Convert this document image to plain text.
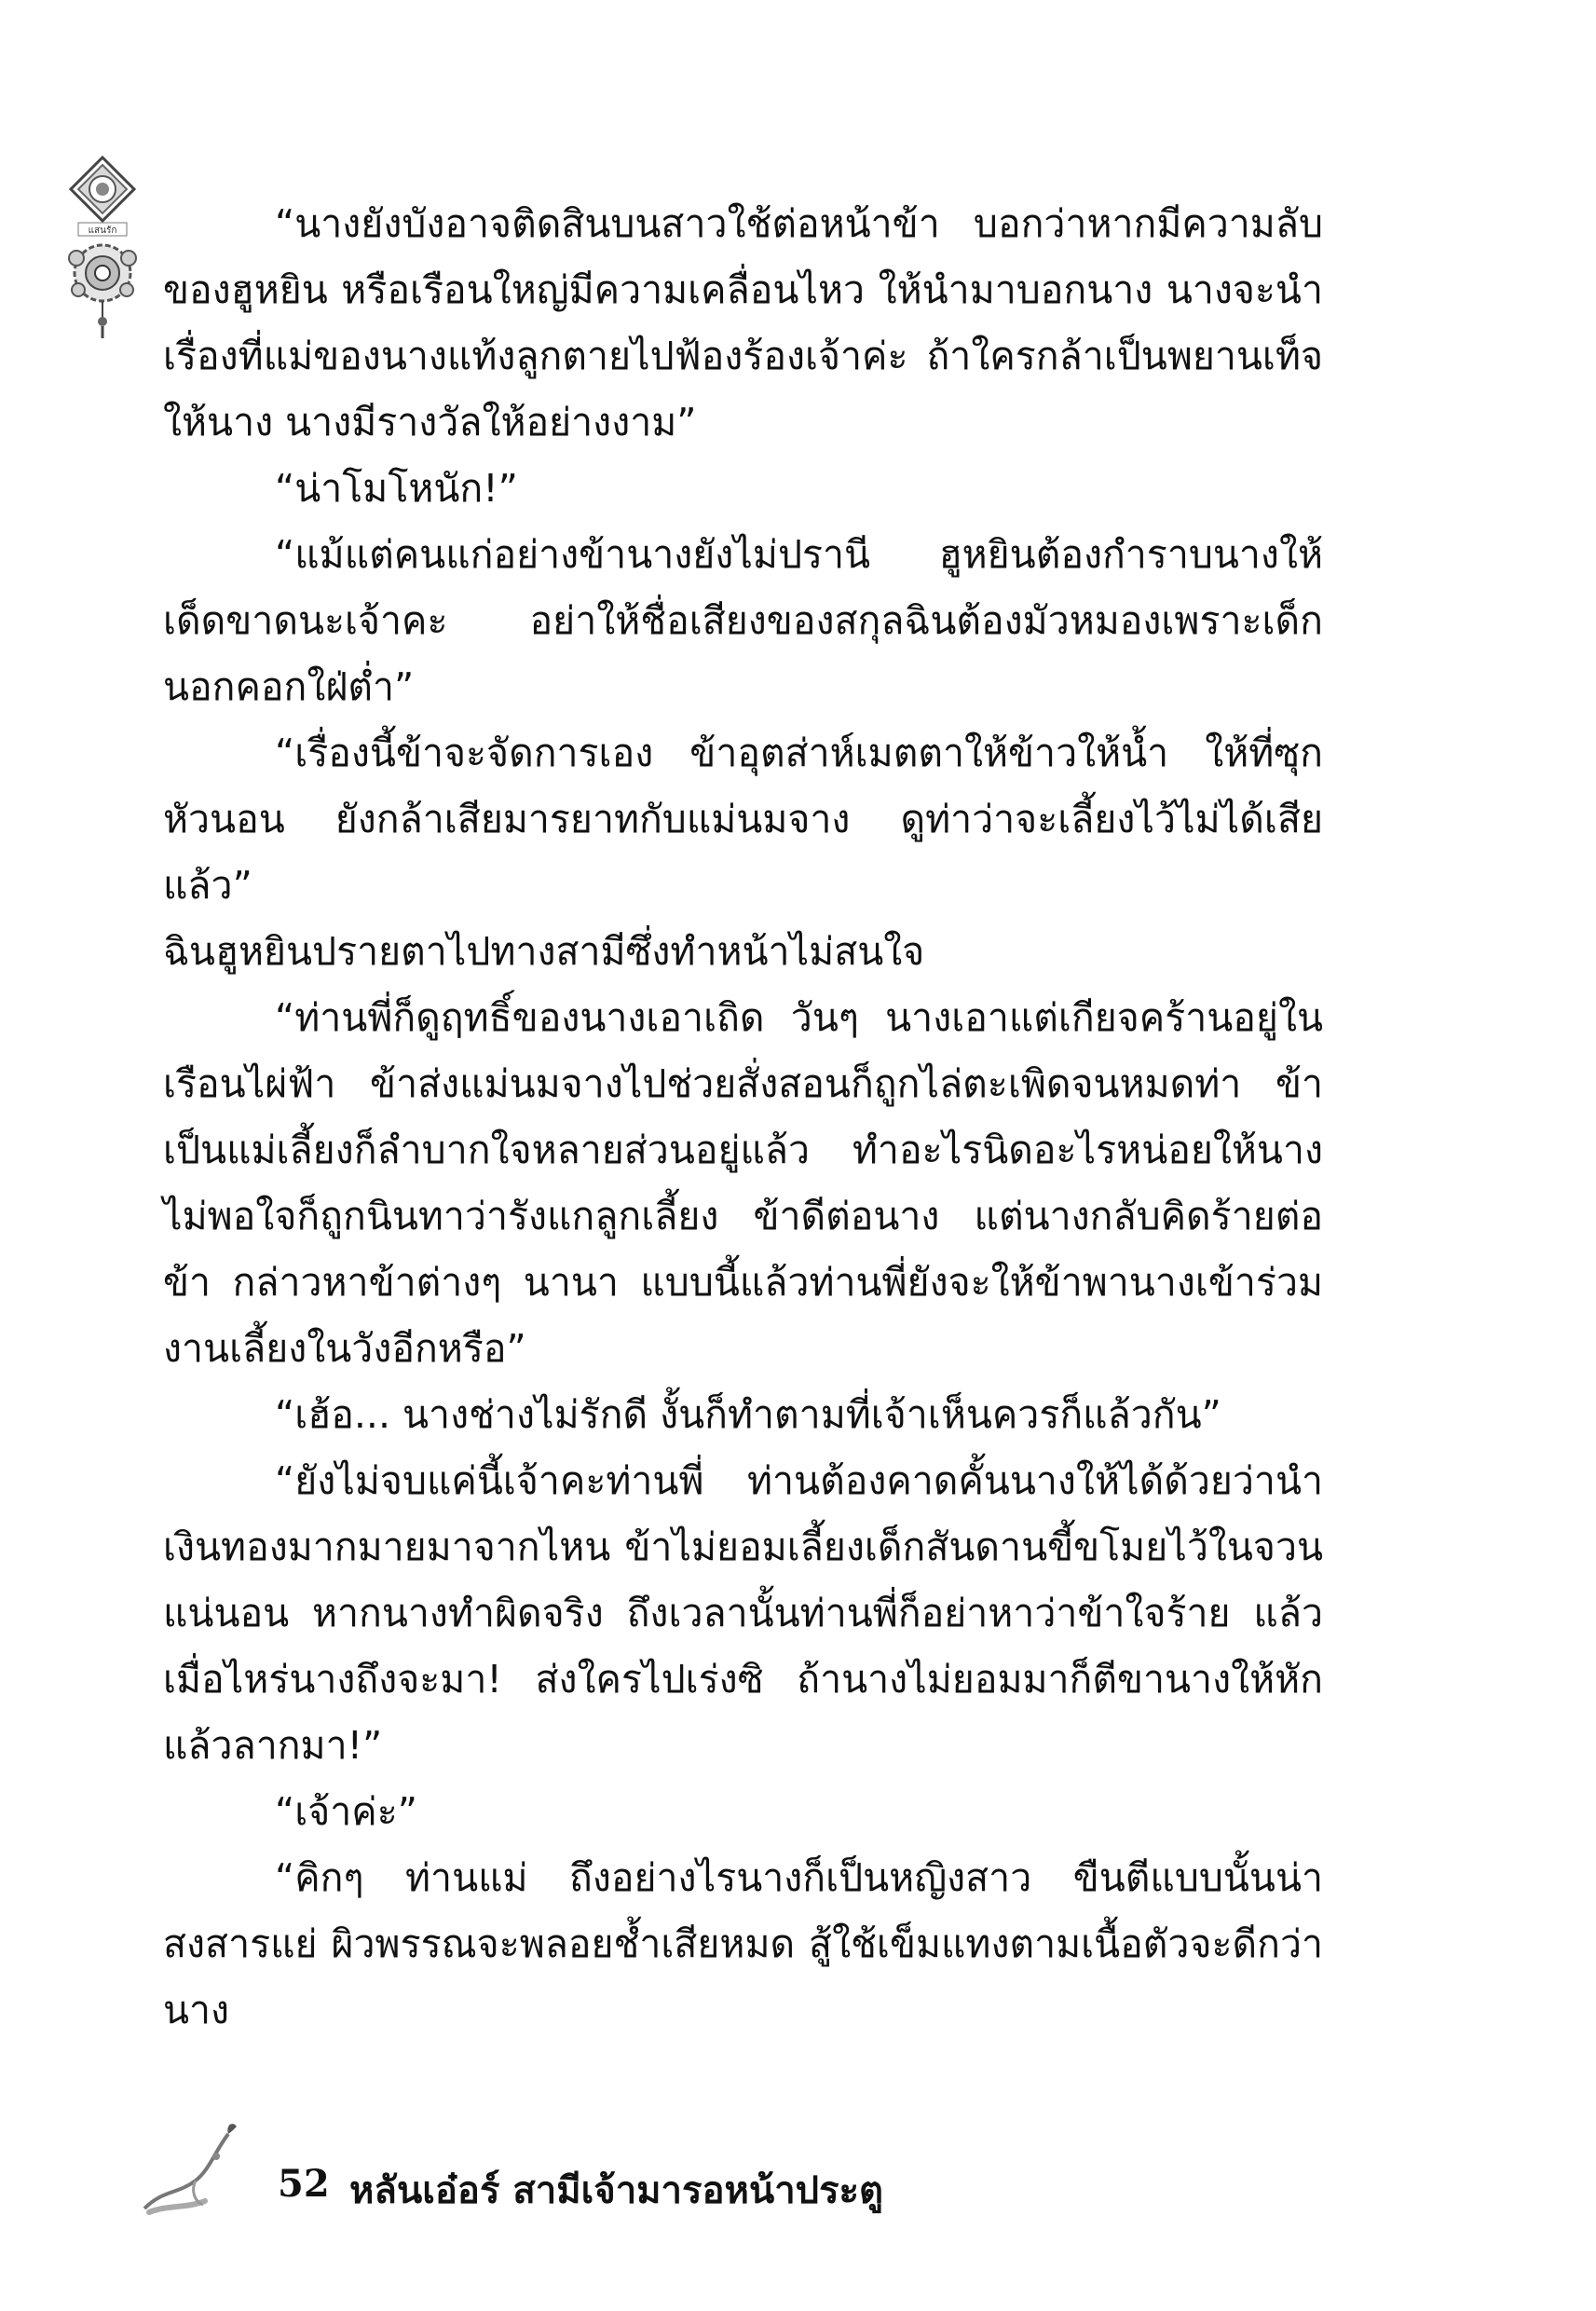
แสนรัก	“นางยังบังอาจติดสินบนสาวใช้ต่อหน้าข้า บอกว่าหากมีความลับของฮูหยิน หรือเรือนใหญ่มีความเคลื่อนไหว ให้นำมาบอกนาง นางจะนำเรื่องที่แม่ของนางแท้งลูกตายไปฟ้องร้องเจ้าค่ะ ถ้าใครกล้าเป็นพยานเท็จให้นาง นางมีรางวัลให้อย่างงาม”

“น่าโมโหนัก!”

“แม้แต่คนแก่อย่างข้านางยังไม่ปรานี ฮูหยินต้องกำราบนางให้เด็ดขาดนะเจ้าคะ อย่าให้ชื่อเสียงของสกุลฉินต้องมัวหมองเพราะเด็กนอกคอกใฝ่ต่ำ”

“เรื่องนี้ข้าจะจัดการเอง ข้าอุตส่าห์เมตตาให้ข้าวให้น้ำ ให้ที่ซุกหัวนอน ยังกล้าเสียมารยาทกับแม่นมจาง ดูท่าว่าจะเลี้ยงไว้ไม่ได้เสียแล้ว”

ฉินฮูหยินปรายตาไปทางสามีซึ่งทำหน้าไม่สนใจ

“ท่านพี่ก็ดูฤทธิ์ของนางเอาเถิด วันๆ นางเอาแต่เกียจคร้านอยู่ในเรือนไผ่ฟ้า ข้าส่งแม่นมจางไปช่วยสั่งสอนก็ถูกไล่ตะเพิดจนหมดท่า ข้าเป็นแม่เลี้ยงก็ลำบากใจหลายส่วนอยู่แล้ว ทำอะไรนิดอะไรหน่อยให้นางไม่พอใจก็ถูกนินทาว่ารังแกลูกเลี้ยง ข้าดีต่อนาง แต่นางกลับคิดร้ายต่อข้า กล่าวหาข้าต่างๆ นานา แบบนี้แล้วท่านพี่ยังจะให้ข้าพานางเข้าร่วมงานเลี้ยงในวังอีกหรือ”

“เฮ้อ... นางช่างไม่รักดี งั้นก็ทำตามที่เจ้าเห็นควรก็แล้วกัน”

“ยังไม่จบแค่นี้เจ้าคะท่านพี่ ท่านต้องคาดคั้นนางให้ได้ด้วยว่านำเงินทองมากมายมาจากไหน ข้าไม่ยอมเลี้ยงเด็กสันดานขี้ขโมยไว้ในจวนแน่นอน หากนางทำผิดจริง ถึงเวลานั้นท่านพี่ก็อย่าหาว่าข้าใจร้าย แล้วเมื่อไหร่นางถึงจะมา! ส่งใครไปเร่งซิ ถ้านางไม่ยอมมาก็ตีขานางให้หักแล้วลากมา!”

“เจ้าค่ะ”

“คิกๆ ท่านแม่ ถึงอย่างไรนางก็เป็นหญิงสาว ขืนตีแบบนั้นน่าสงสารแย่ ผิวพรรณจะพลอยช้ำเสียหมด สู้ใช้เข็มแทงตามเนื้อตัวจะดีกว่า นาง

52 หลันเอ๋อร์ สามีเจ้ามารอหน้าประตู
